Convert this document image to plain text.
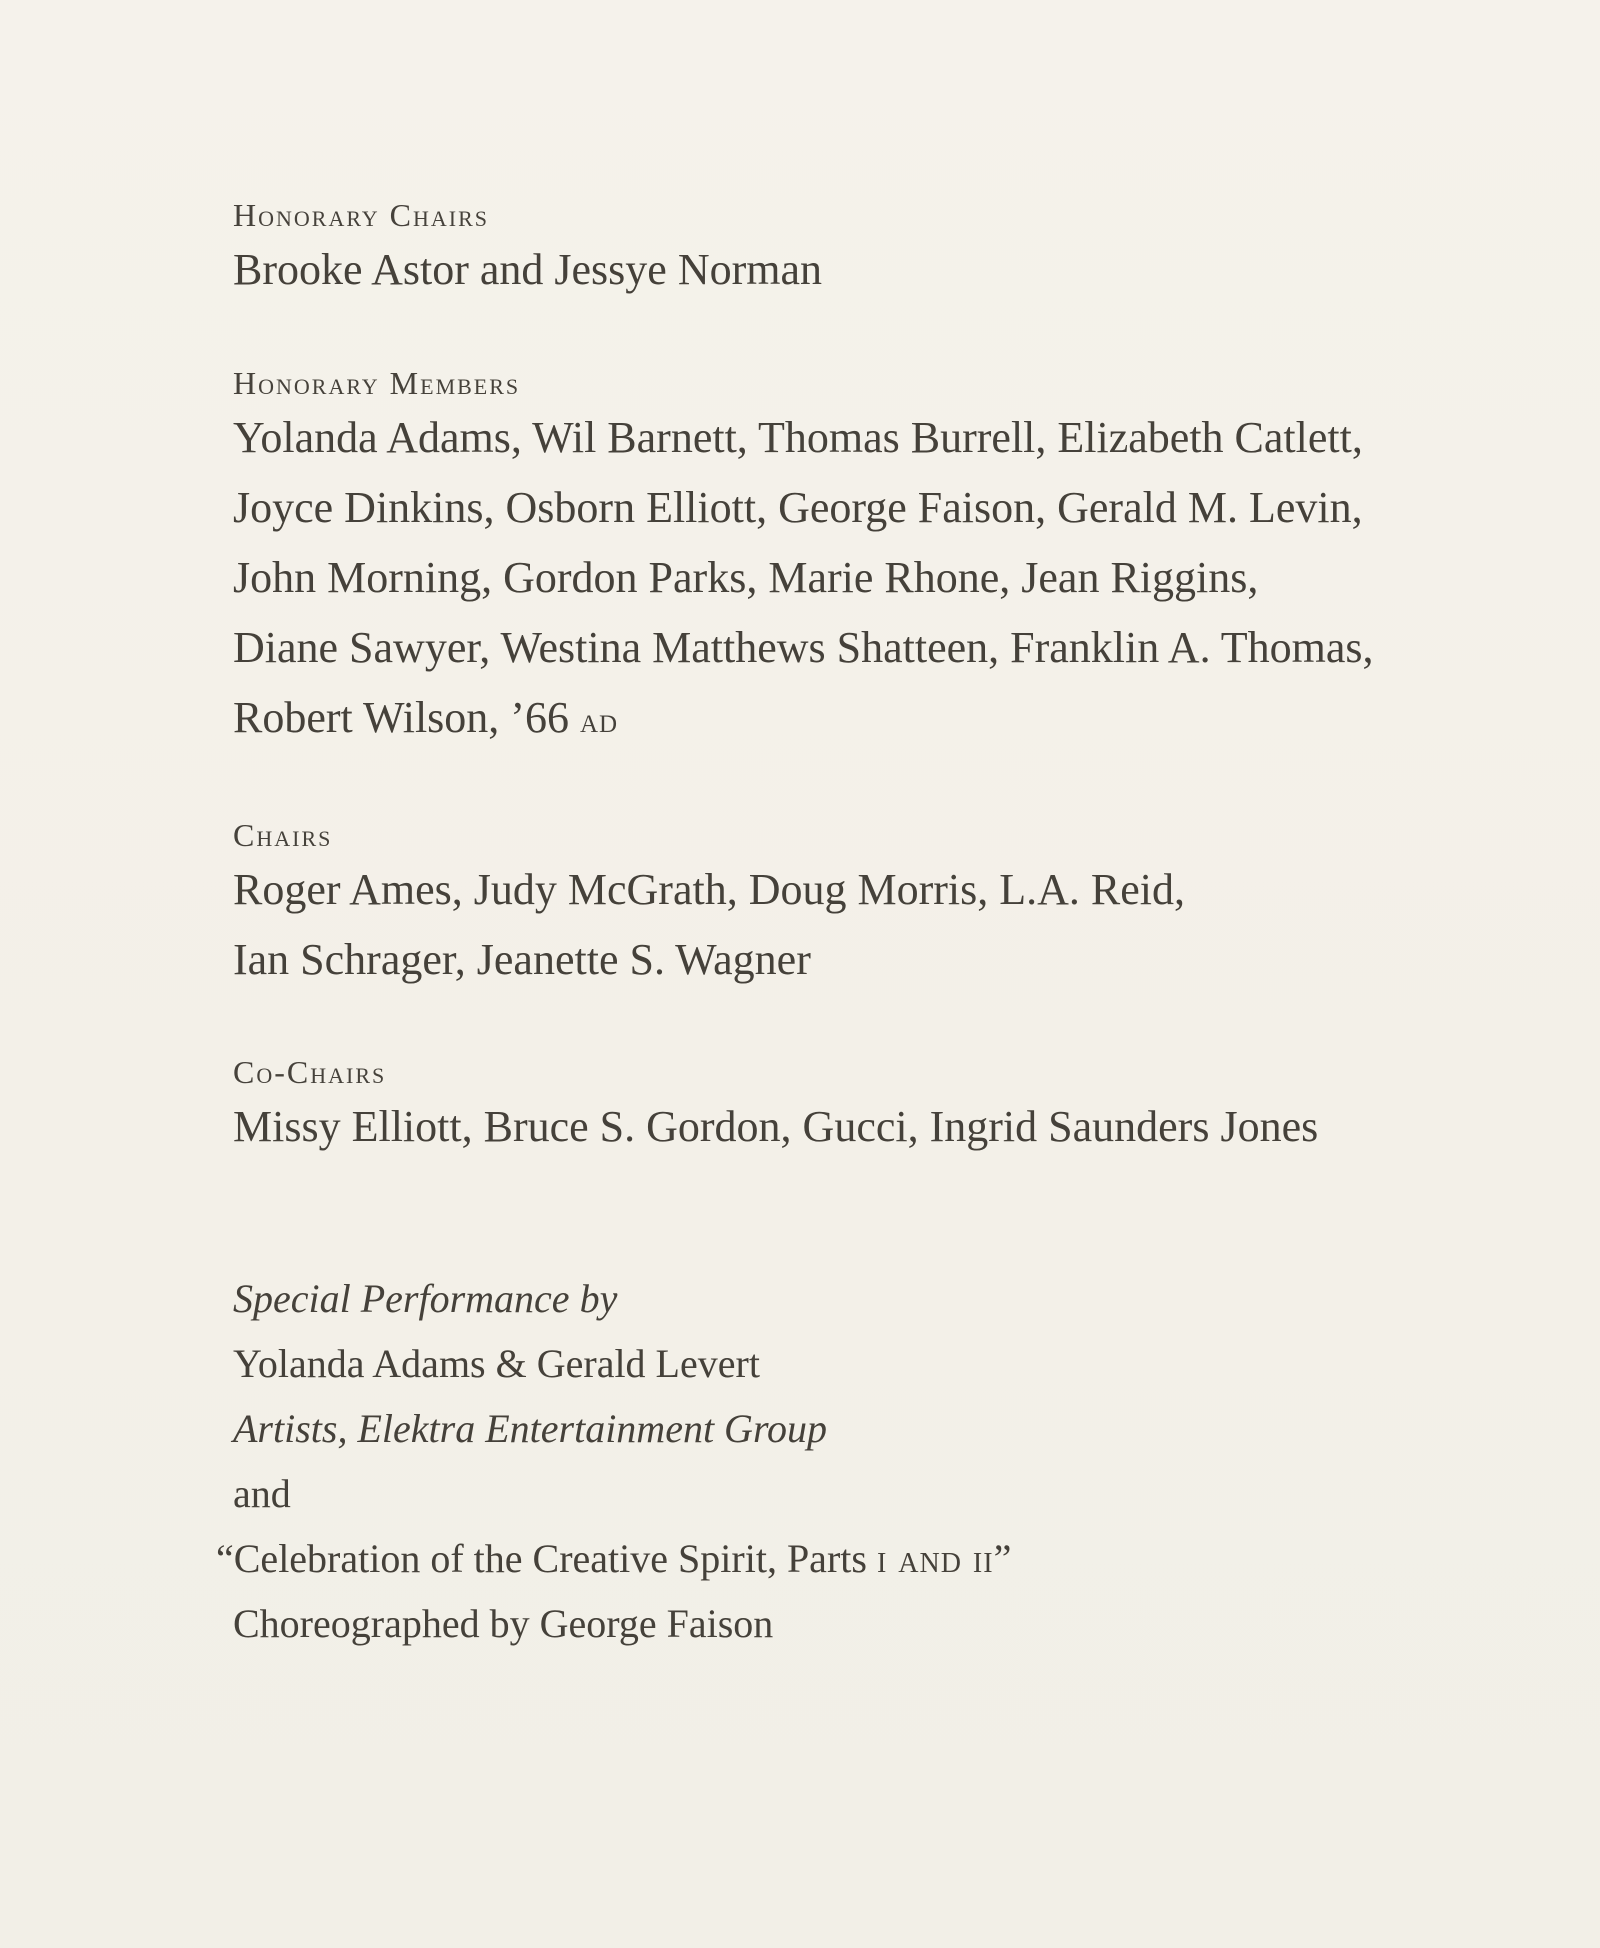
Honorary Chairs

Brooke Astor and Jessye Norman

Honorary Members

Yolanda Adams, Wil Barnett, Thomas Burrell, Elizabeth Catlett,

Joyce Dinkins, Osborn Elliott, George Faison, Gerald M. Levin,

John Morning, Gordon Parks, Marie Rhone, Jean Riggins,

Diane Sawyer, Westina Matthews Shatteen, Franklin A. Thomas,

Robert Wilson, ’66 ad

Chairs

Roger Ames, Judy McGrath, Doug Morris, L.A. Reid,

Ian Schrager, Jeanette S. Wagner

Co-Chairs

Missy Elliott, Bruce S. Gordon, Gucci, Ingrid Saunders Jones

Special Performance by

Yolanda Adams & Gerald Levert

Artists, Elektra Entertainment Group

and

“Celebration of the Creative Spirit, Parts i and ii”

Choreographed by George Faison
